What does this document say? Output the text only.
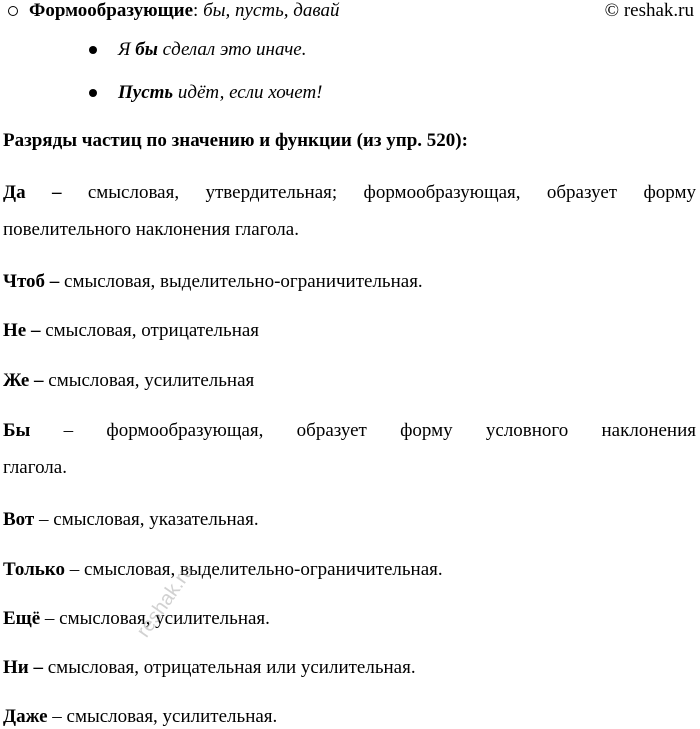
Формообразующие: бы, пусть, давай	© reshak.ru
Я бы сделал это иначе.
Пусть идёт, если хочет!
Разряды частиц по значению и функции (из упр. 520):
Да – смысловая, утвердительная; формообразующая, образует форму
повелительного наклонения глагола.
Чтоб – смысловая, выделительно-ограничительная.
Не – смысловая, отрицательная
Же – смысловая, усилительная
Бы – формообразующая, образует форму условного наклонения
глагола.
Вот – смысловая, указательная.
Только – смысловая, выделительно-ограничительная.
Ещё – смысловая, усилительная.
Ни – смысловая, отрицательная или усилительная.
Даже – смысловая, усилительная.
reshak.ru
